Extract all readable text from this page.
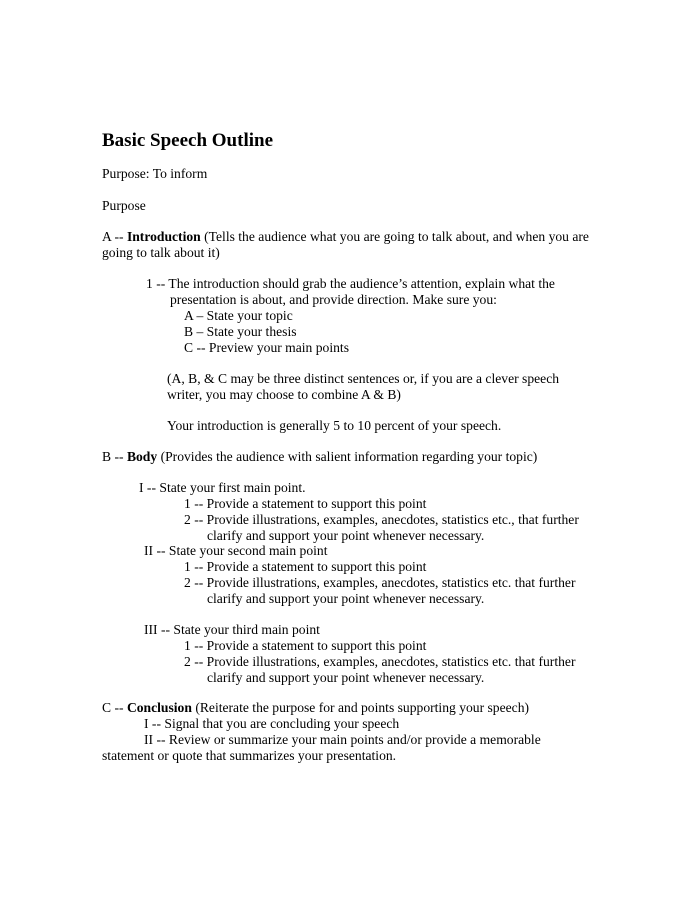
Basic Speech Outline
Purpose: To inform
Purpose
A -- Introduction (Tells the audience what you are going to talk about, and when you are
going to talk about it)
1 -- The introduction should grab the audience’s attention, explain what the
presentation is about, and provide direction. Make sure you:
A – State your topic
B – State your thesis
C -- Preview your main points
(A, B, & C may be three distinct sentences or, if you are a clever speech
writer, you may choose to combine A & B)
Your introduction is generally 5 to 10 percent of your speech.
B -- Body (Provides the audience with salient information regarding your topic)
I -- State your first main point.
1 -- Provide a statement to support this point
2 -- Provide illustrations, examples, anecdotes, statistics etc., that further
clarify and support your point whenever necessary.
II -- State your second main point
1 -- Provide a statement to support this point
2 -- Provide illustrations, examples, anecdotes, statistics etc. that further
clarify and support your point whenever necessary.
III -- State your third main point
1 -- Provide a statement to support this point
2 -- Provide illustrations, examples, anecdotes, statistics etc. that further
clarify and support your point whenever necessary.
C -- Conclusion (Reiterate the purpose for and points supporting your speech)
I -- Signal that you are concluding your speech
II -- Review or summarize your main points and/or provide a memorable
statement or quote that summarizes your presentation.
